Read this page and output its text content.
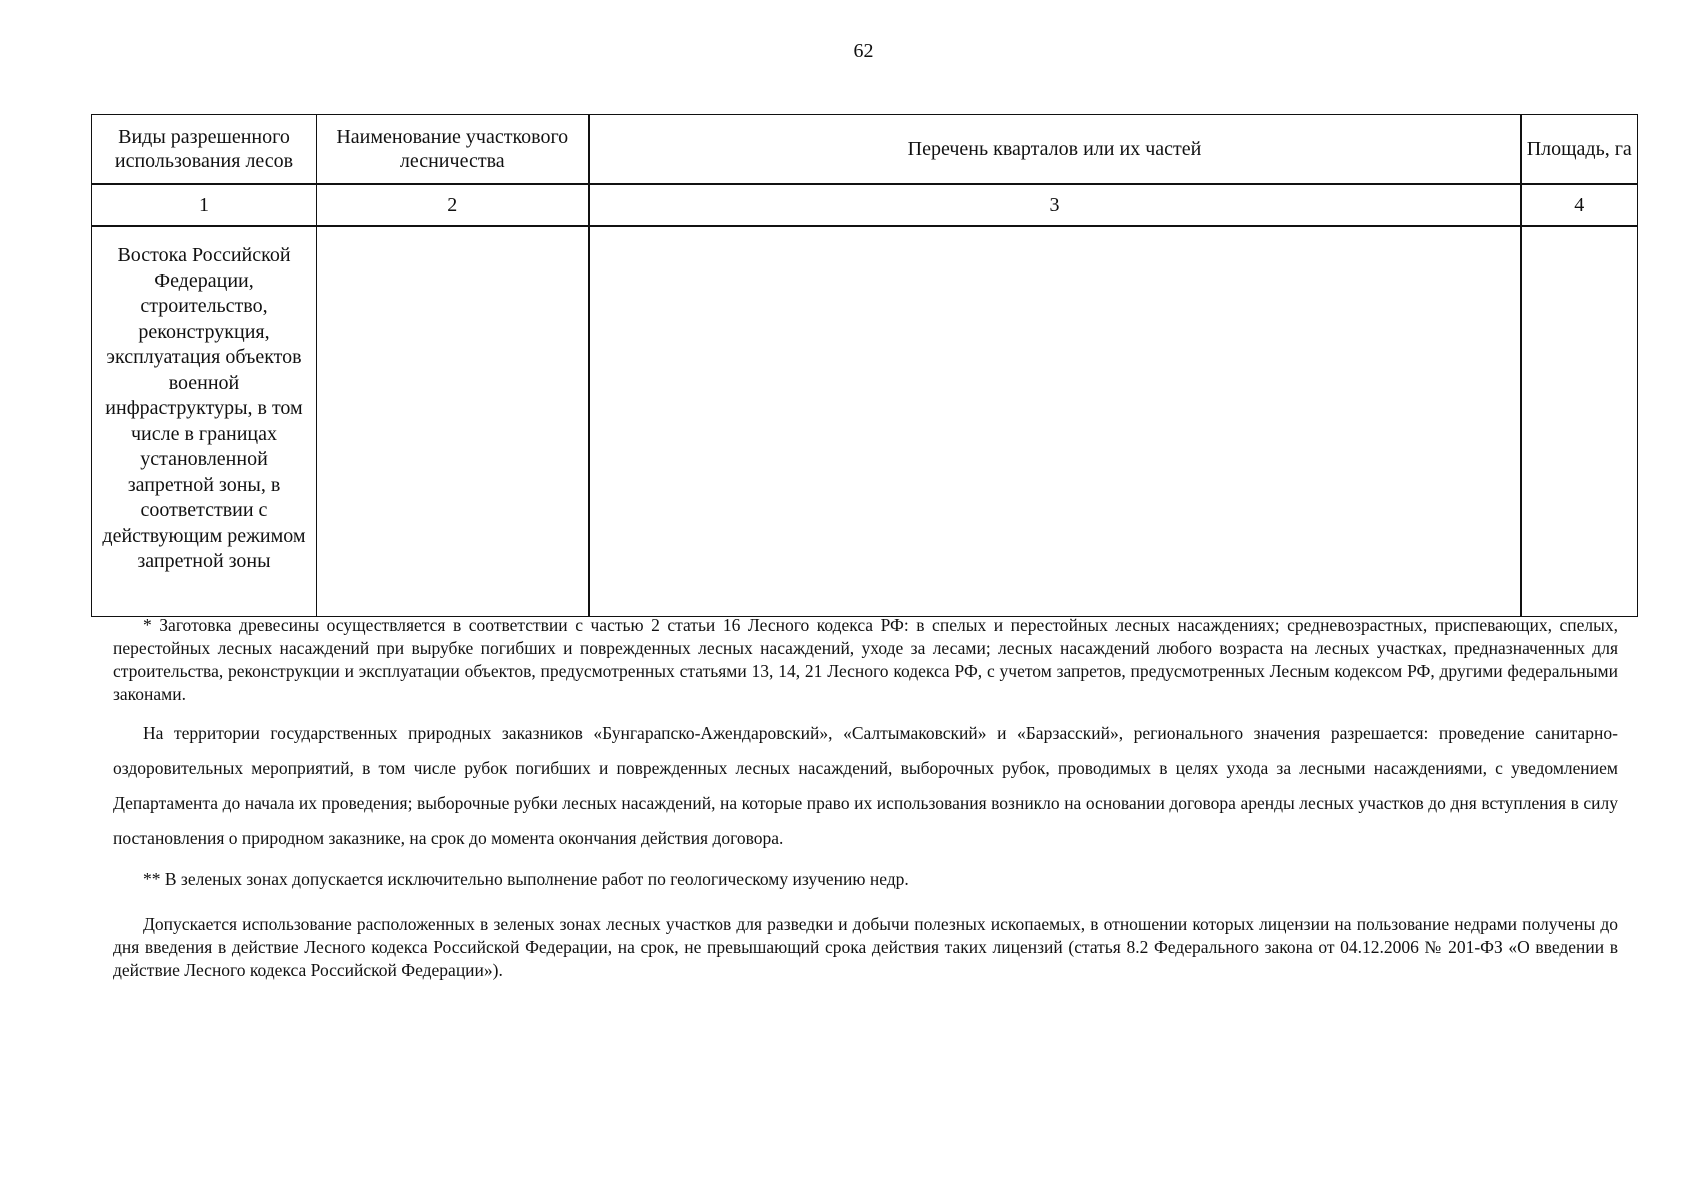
62
Виды разрешенного использования лесов	Наименование участкового лесничества	Перечень кварталов или их частей	Площадь, га
1	2	3	4
Востока Российской Федерации, строительство, реконструкция, эксплуатация объектов военной инфраструктуры, в том числе в границах установленной запретной зоны, в соответствии с действующим режимом запретной зоны			

* Заготовка древесины осуществляется в соответствии с частью 2 статьи 16 Лесного кодекса РФ: в спелых и перестойных лесных насаждениях; средневозрастных, приспевающих, спелых, перестойных лесных насаждений при вырубке погибших и поврежденных лесных насаждений, уходе за лесами; лесных насаждений любого возраста на лесных участках, предназначенных для строительства, реконструкции и эксплуатации объектов, предусмотренных статьями 13, 14, 21 Лесного кодекса РФ, с учетом запретов, предусмотренных Лесным кодексом РФ, другими федеральными законами.

На территории государственных природных заказников «Бунгарапско-Ажендаровский», «Салтымаковский» и «Барзасский», регионального значения разрешается: проведение санитарно-оздоровительных мероприятий, в том числе рубок погибших и поврежденных лесных насаждений, выборочных рубок, проводимых в целях ухода за лесными насаждениями, с уведомлением Департамента до начала их проведения; выборочные рубки лесных насаждений, на которые право их использования возникло на основании договора аренды лесных участков до дня вступления в силу постановления о природном заказнике, на срок до момента окончания действия договора.

** В зеленых зонах допускается исключительно выполнение работ по геологическому изучению недр.

Допускается использование расположенных в зеленых зонах лесных участков для разведки и добычи полезных ископаемых, в отношении которых лицензии на пользование недрами получены до дня введения в действие Лесного кодекса Российской Федерации, на срок, не превышающий срока действия таких лицензий (статья 8.2 Федерального закона от 04.12.2006 № 201-ФЗ «О введении в действие Лесного кодекса Российской Федерации»).
